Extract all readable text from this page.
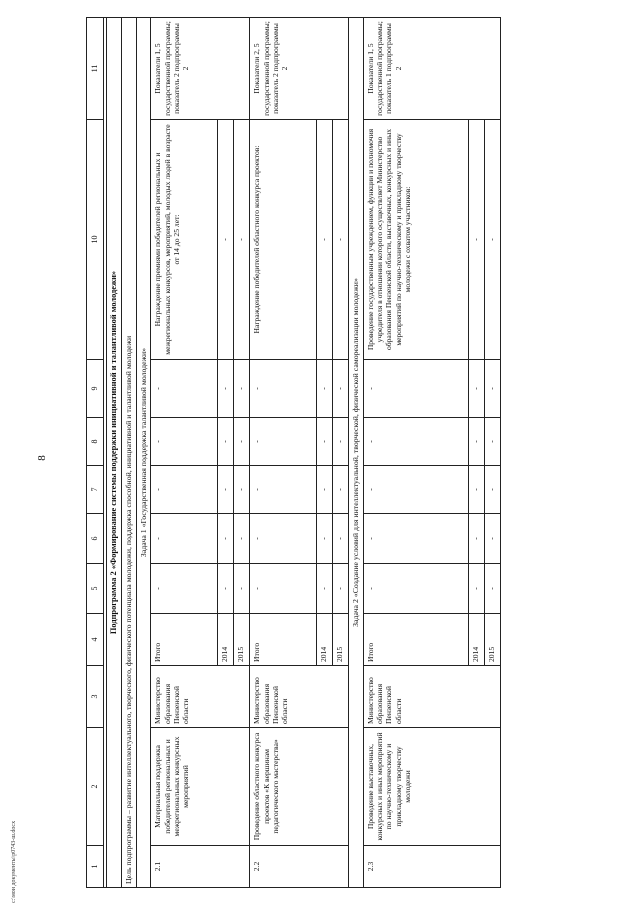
8
c:\мои документы\р0743-ш.docx	1	2	3	4	5	6	7	8	9	10	11

Подпрограмма 2 «Формирование системы поддержки инициативной и талантливой молодежи»										
Цель подпрограммы – развитие интеллектуального, творческого, физического потенциала молодежи, поддержка способной, инициативной и талантливой молодежи										
Задача 1 «Государственная поддержка талантливой молодежи»										
2.1	Материальная поддержка победителей региональных и межрегиональных конкурсных мероприятий	Министерство образования Пензенской области	Итого	-	-	-	-	-	Награждение премиями победителей региональных и межрегиональных конкурсов, мероприятий, молодых людей в возрасте от 14 до 25 лет:	Показатели 1, 5 государственной программы; показатель 2 подпрограммы 2
			2014	-	-	-	-	-	-	
			2015	-	-	-	-	-	-	
2.2	Проведение областного конкурса проектов «К вершинам педагогического мастерства»	Министерство образования Пензенской области	Итого	-	-	-	-	-	Награждение победителей областного конкурса проектов:	Показатели 2, 5 государственной программы; показатель 2 подпрограммы 2
			2014	-	-	-	-	-	-	
			2015	-	-	-	-	-	-	
Задача 2 «Создание условий для интеллектуальной, творческой, физической самореализации молодежи»										
2.3	Проведение выставочных, конкурсных и иных мероприятий по научно-техническому и прикладному творчеству молодежи	Министерство образования Пензенской области	Итого	-	-	-	-	-	Проведение государственным учреждением, функции и полномочия учредителя в отношении которого осуществляет Министерство образования Пензенской области, выставочных, конкурсных и иных мероприятий по научно-техническому и прикладному творчеству молодежи с охватом участников:	Показатели 1, 5 государственной программы; показатель 1 подпрограммы 2
			2014	-	-	-	-	-	-	
			2015	-	-	-	-	-	-	
